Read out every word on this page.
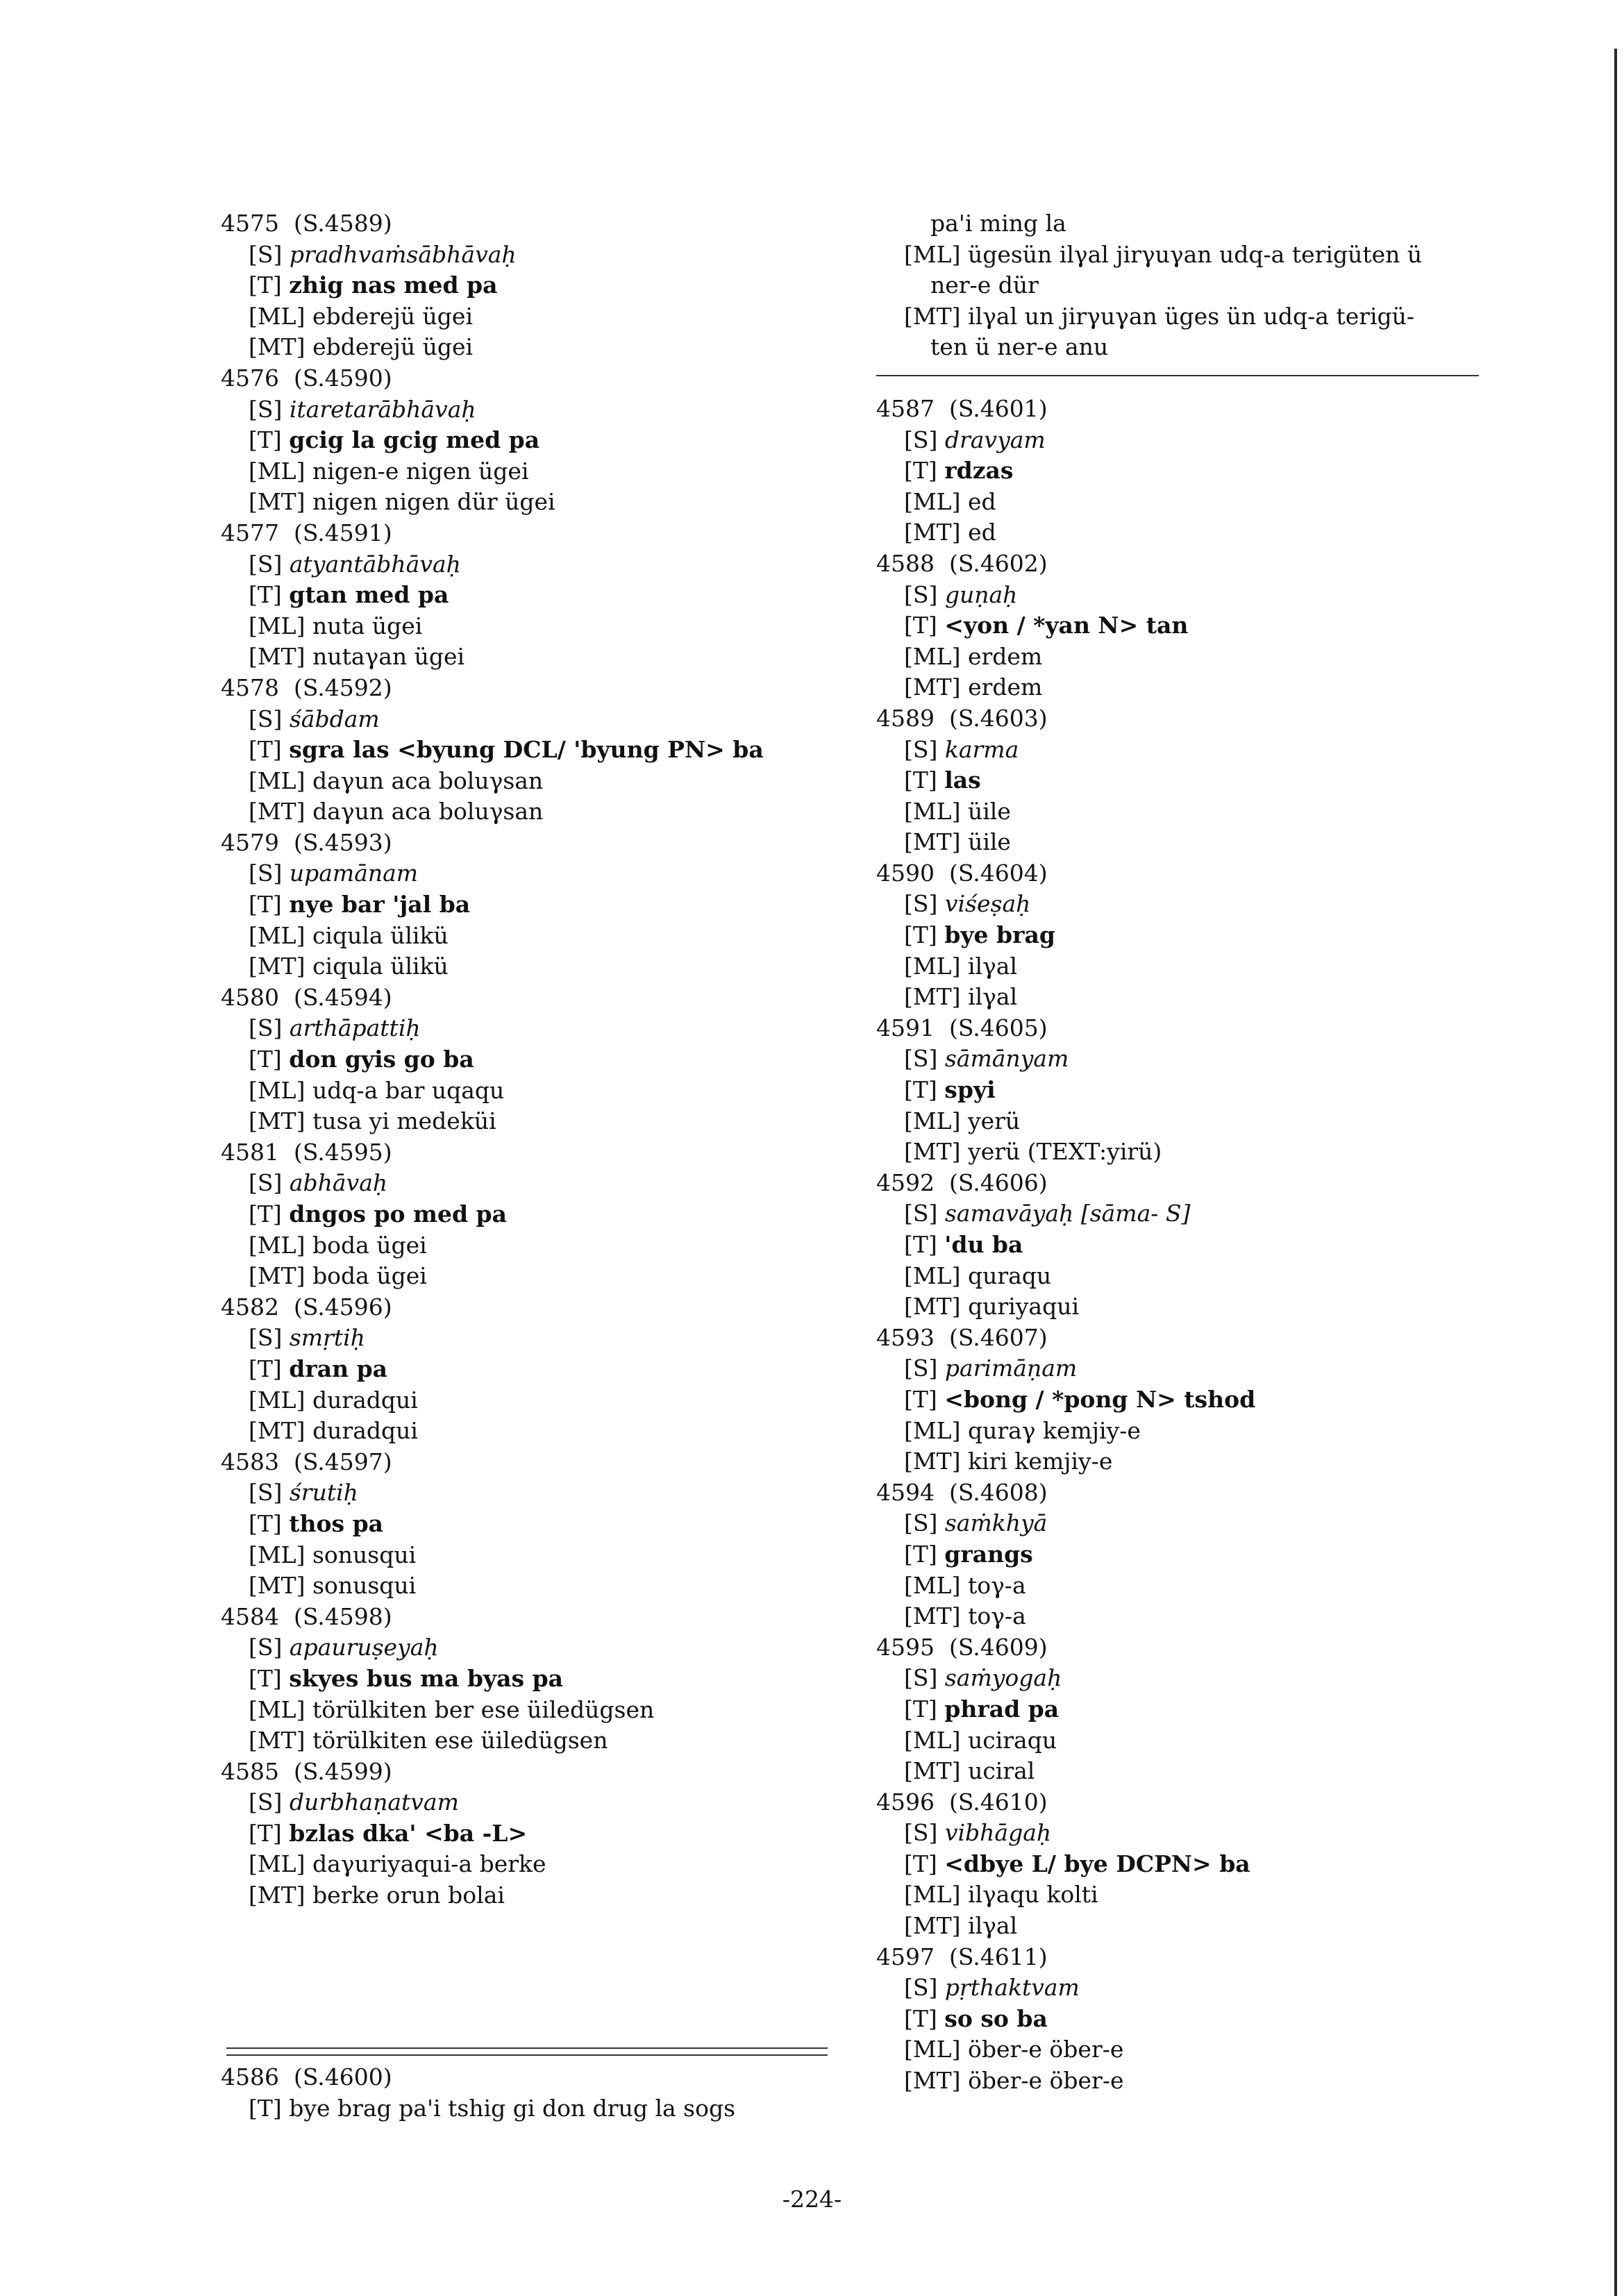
4575 (S.4589)
[S] pradhvaṁsābhāvaḥ
[T] zhig nas med pa
[ML] ebderejü ügei
[MT] ebderejü ügei
4576 (S.4590)
[S] itaretarābhāvaḥ
[T] gcig la gcig med pa
[ML] nigen-e nigen ügei
[MT] nigen nigen dür ügei
4577 (S.4591)
[S] atyantābhāvaḥ
[T] gtan med pa
[ML] nuta ügei
[MT] nutaγan ügei
4578 (S.4592)
[S] śābdam
[T] sgra las <byung DCL/ 'byung PN> ba
[ML] daγun aca boluγsan
[MT] daγun aca boluγsan
4579 (S.4593)
[S] upamānam
[T] nye bar 'jal ba
[ML] ciqula ülikü
[MT] ciqula ülikü
4580 (S.4594)
[S] arthāpattiḥ
[T] don gyis go ba
[ML] udq-a bar uqaqu
[MT] tusa yi medeküi
4581 (S.4595)
[S] abhāvaḥ
[T] dngos po med pa
[ML] boda ügei
[MT] boda ügei
4582 (S.4596)
[S] smṛtiḥ
[T] dran pa
[ML] duradqui
[MT] duradqui
4583 (S.4597)
[S] śrutiḥ
[T] thos pa
[ML] sonusqui
[MT] sonusqui
4584 (S.4598)
[S] apauruṣeyaḥ
[T] skyes bus ma byas pa
[ML] törülkiten ber ese üiledügsen
[MT] törülkiten ese üiledügsen
4585 (S.4599)
[S] durbhaṇatvam
[T] bzlas dka' <ba -L>
[ML] daγuriyaqui-a berke
[MT] berke orun bolai
4586 (S.4600)
[T] bye brag pa'i tshig gi don drug la sogs
pa'i ming la
[ML] ügesün ilγal jirγuγan udq-a terigüten ü
ner-e dür
[MT] ilγal un jirγuγan üges ün udq-a terigü-
ten ü ner-e anu
4587 (S.4601)
[S] dravyam
[T] rdzas
[ML] ed
[MT] ed
4588 (S.4602)
[S] guṇaḥ
[T] <yon / *yan N> tan
[ML] erdem
[MT] erdem
4589 (S.4603)
[S] karma
[T] las
[ML] üile
[MT] üile
4590 (S.4604)
[S] viśeṣaḥ
[T] bye brag
[ML] ilγal
[MT] ilγal
4591 (S.4605)
[S] sāmānyam
[T] spyi
[ML] yerü
[MT] yerü (TEXT:yirü)
4592 (S.4606)
[S] samavāyaḥ [sāma- S]
[T] 'du ba
[ML] quraqu
[MT] quriyaqui
4593 (S.4607)
[S] parimāṇam
[T] <bong / *pong N> tshod
[ML] quraγ kemjiy-e
[MT] kiri kemjiy-e
4594 (S.4608)
[S] saṁkhyā
[T] grangs
[ML] toγ-a
[MT] toγ-a
4595 (S.4609)
[S] saṁyogaḥ
[T] phrad pa
[ML] uciraqu
[MT] uciral
4596 (S.4610)
[S] vibhāgaḥ
[T] <dbye L/ bye DCPN> ba
[ML] ilγaqu kolti
[MT] ilγal
4597 (S.4611)
[S] pṛthaktvam
[T] so so ba
[ML] öber-e öber-e
[MT] öber-e öber-e
-224-
